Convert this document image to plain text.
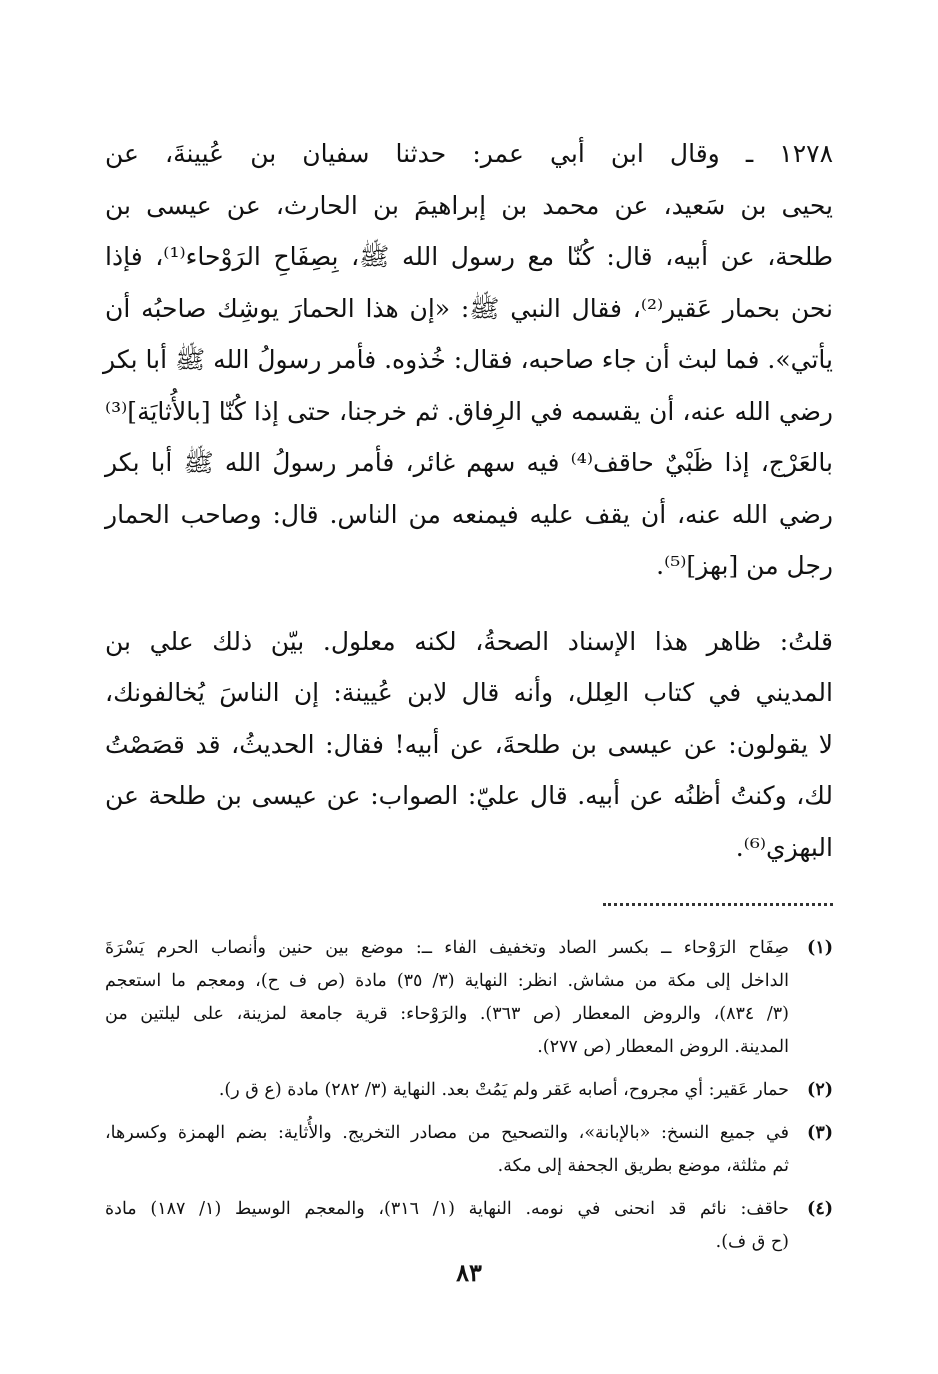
١٢٧٨ ـ وقال ابن أبي عمر: حدثنا سفيان بن عُيينةَ، عن
يحيى بن سَعيد، عن محمد بن إبراهيمَ بن الحارث، عن عيسى بن
طلحة، عن أبيه، قال: كُنّا مع رسول الله ﷺ، بِصِفَاحِ الرَوْحاء⁽¹⁾، فإذا
نحن بحمار عَقير⁽²⁾، فقال النبي ﷺ: «إن هذا الحمارَ يوشِك صاحبُه أن
يأتي». فما لبث أن جاء صاحبه، فقال: خُذوه. فأمر رسولُ الله ﷺ أبا بكر
رضي الله عنه، أن يقسمه في الرِفاق. ثم خرجنا، حتى إذا كُنّا [بالأُثايَة]⁽³⁾
بالعَرْج، إذا ظَبْيٌ حاقف⁽⁴⁾ فيه سهم غائر، فأمر رسولُ الله ﷺ أبا بكر
رضي الله عنه، أن يقف عليه فيمنعه من الناس. قال: وصاحب الحمار
رجل من [بهز]⁽⁵⁾.
قلتُ: ظاهر هذا الإسناد الصحةُ، لكنه معلول. بيّن ذلك علي بن
المديني في كتاب العِلل، وأنه قال لابن عُيينة: إن الناسَ يُخالفونك،
لا يقولون: عن عيسى بن طلحةَ، عن أبيه! فقال: الحديثُ، قد قصَصْتُ
لك، وكنتُ أظنُه عن أبيه. قال عليّ: الصواب: عن عيسى بن طلحة عن
البهزي⁽⁶⁾.
(١)
صِفَاح الرَوْحاء ــ بكسر الصاد وتخفيف الفاء ــ: موضع بين حنين وأنصاب الحرم يَسْرَةَ
الداخل إلى مكة من مشاش. انظر: النهاية (٣/ ٣٥) مادة (ص ف ح)، ومعجم ما استعجم
(٣/ ٨٣٤)، والروض المعطار (ص ٣٦٣). والرَوْحاء: قرية جامعة لمزينة، على ليلتين من
المدينة. الروض المعطار (ص ٢٧٧).
(٢)
حمار عَقير: أي مجروح، أصابه عَقر ولم يَمُتْ بعد. النهاية (٣/ ٢٨٢) مادة (ع ق ر).
(٣)
في جميع النسخ: «بالإبانة»، والتصحيح من مصادر التخريج. والأُثاية: بضم الهمزة وكسرها،
ثم مثلثة، موضع بطريق الجحفة إلى مكة.
(٤)
حاقف: نائم قد انحنى في نومه. النهاية (١/ ٣١٦)، والمعجم الوسيط (١/ ١٨٧) مادة
(ح ق ف).
٨٣
